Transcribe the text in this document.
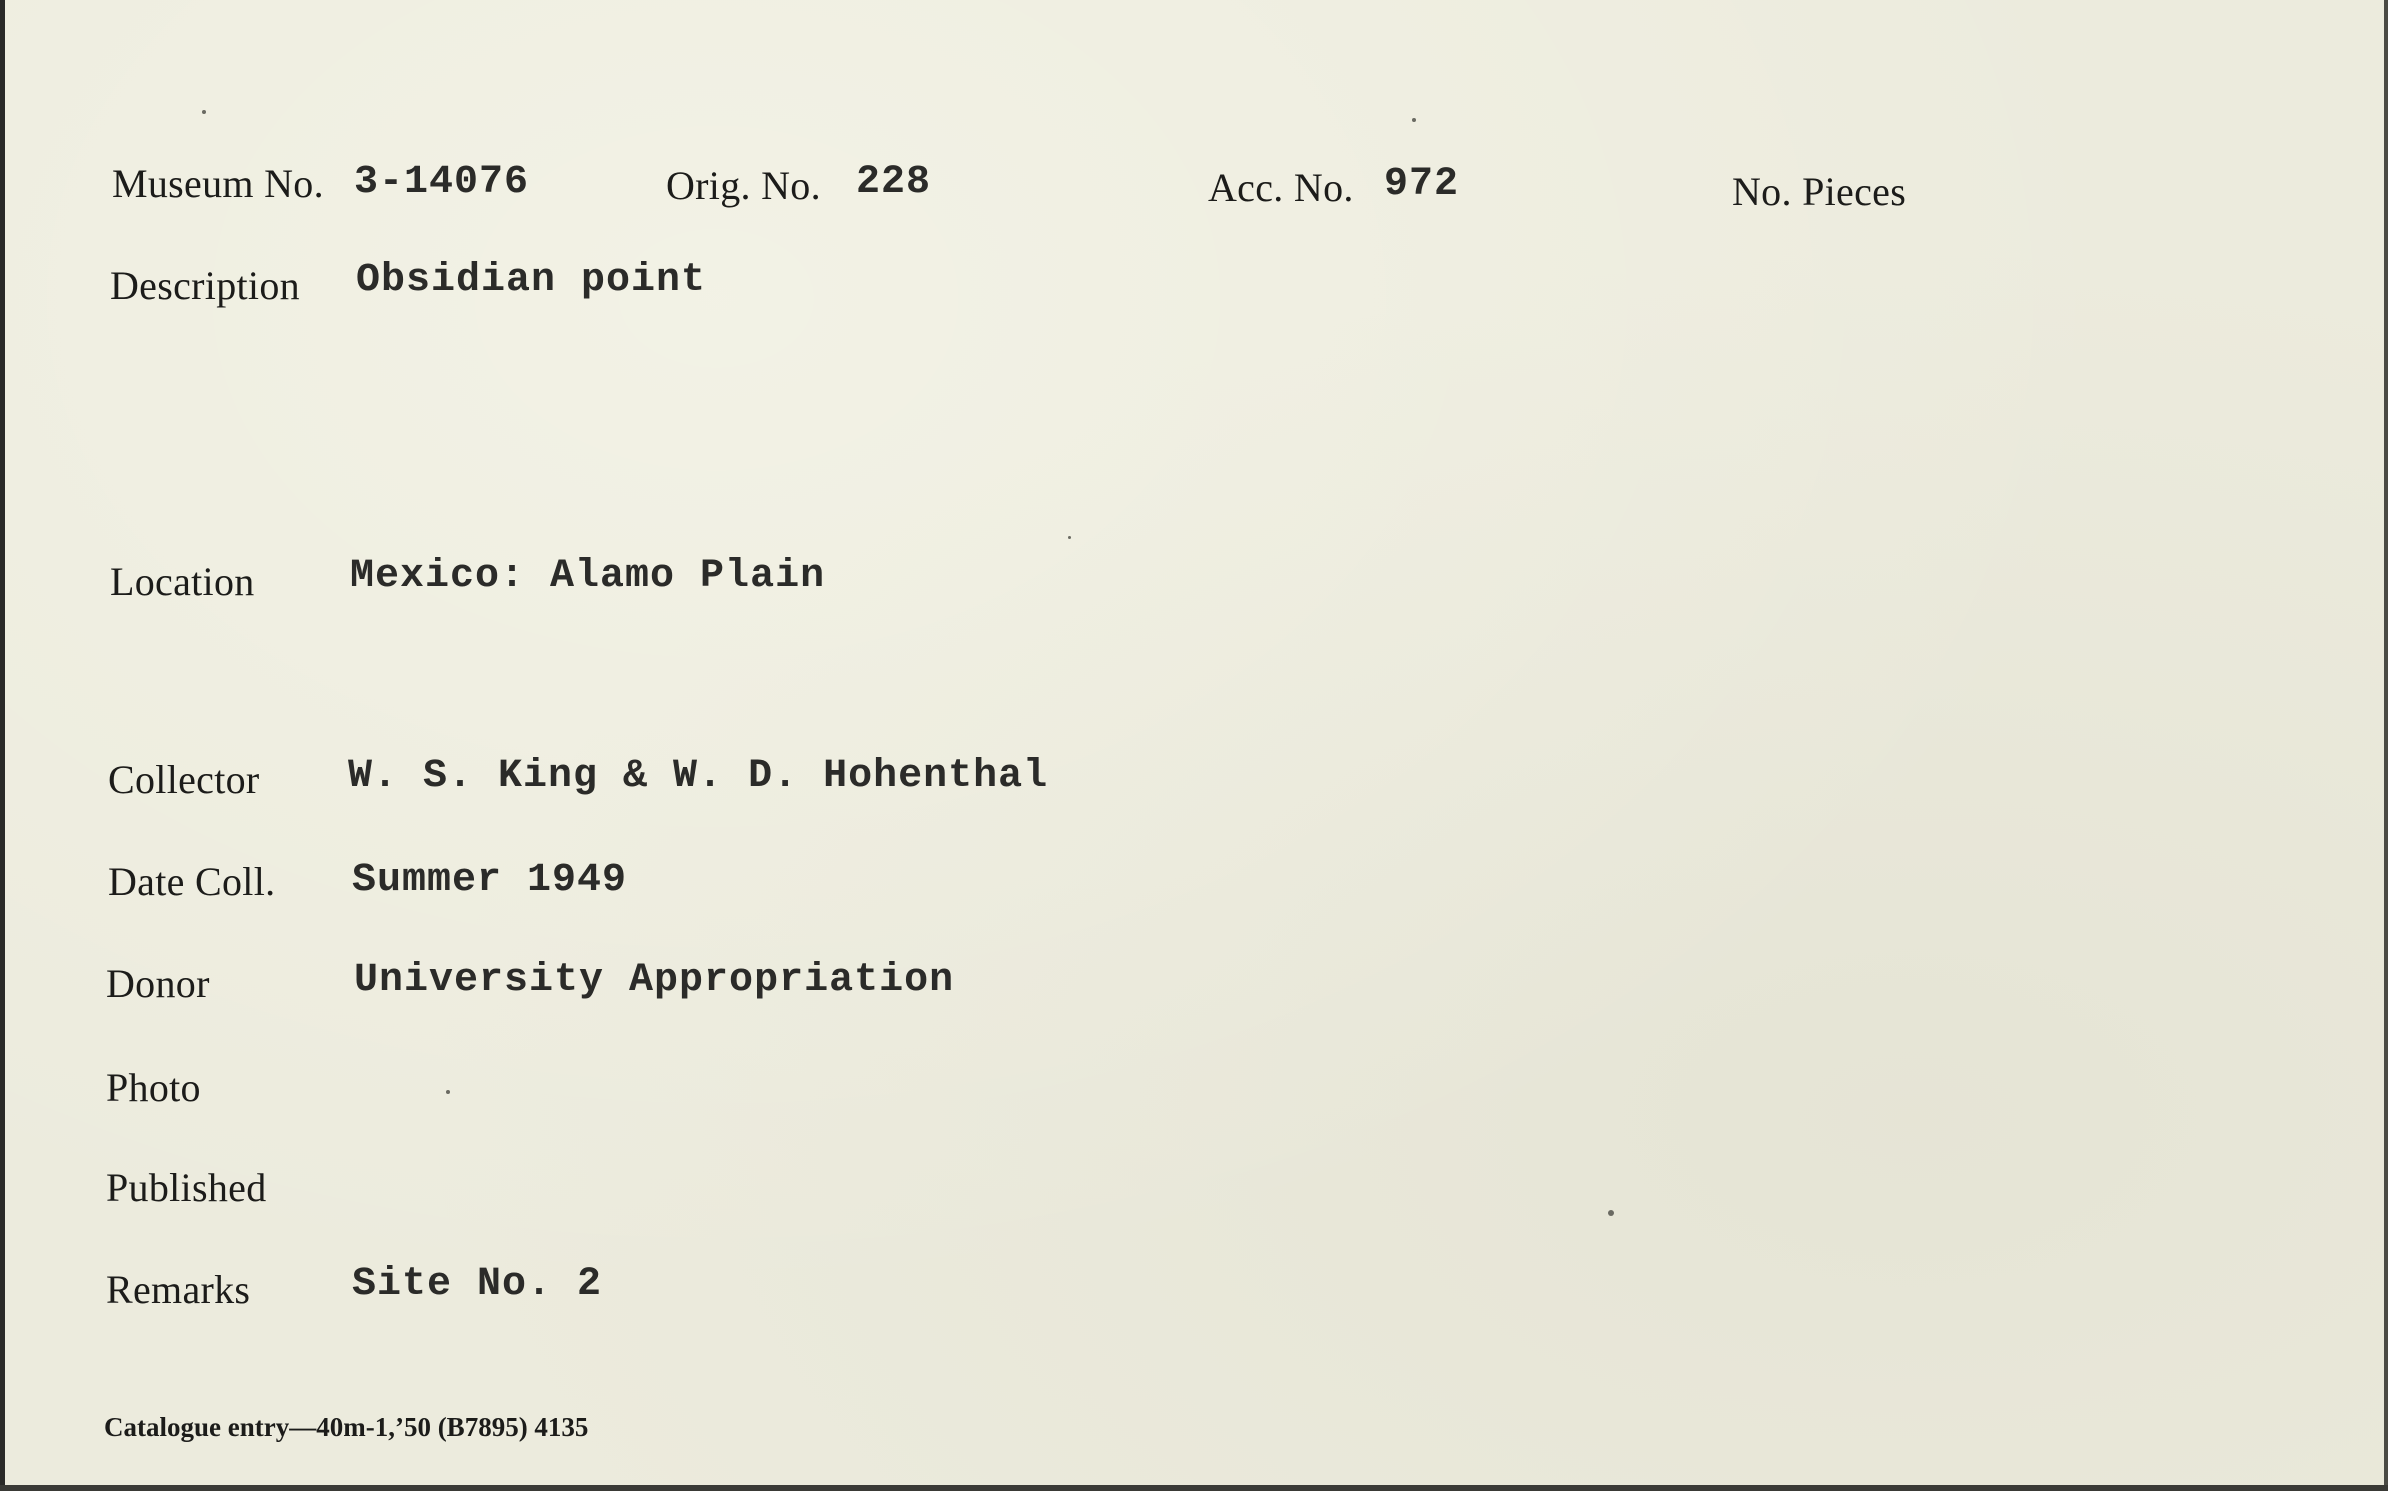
Museum No. 3-14076	Orig. No. 228	Acc. No. 972	No. Pieces
Description Obsidian point
Location Mexico: Alamo Plain
Collector W. S. King & W. D. Hohenthal
Date Coll. Summer 1949
Donor	University Appropriation
Photo
Published
Remarks	Site No. 2
Catalogue entry—40m-1,’50 (B7895) 4135
